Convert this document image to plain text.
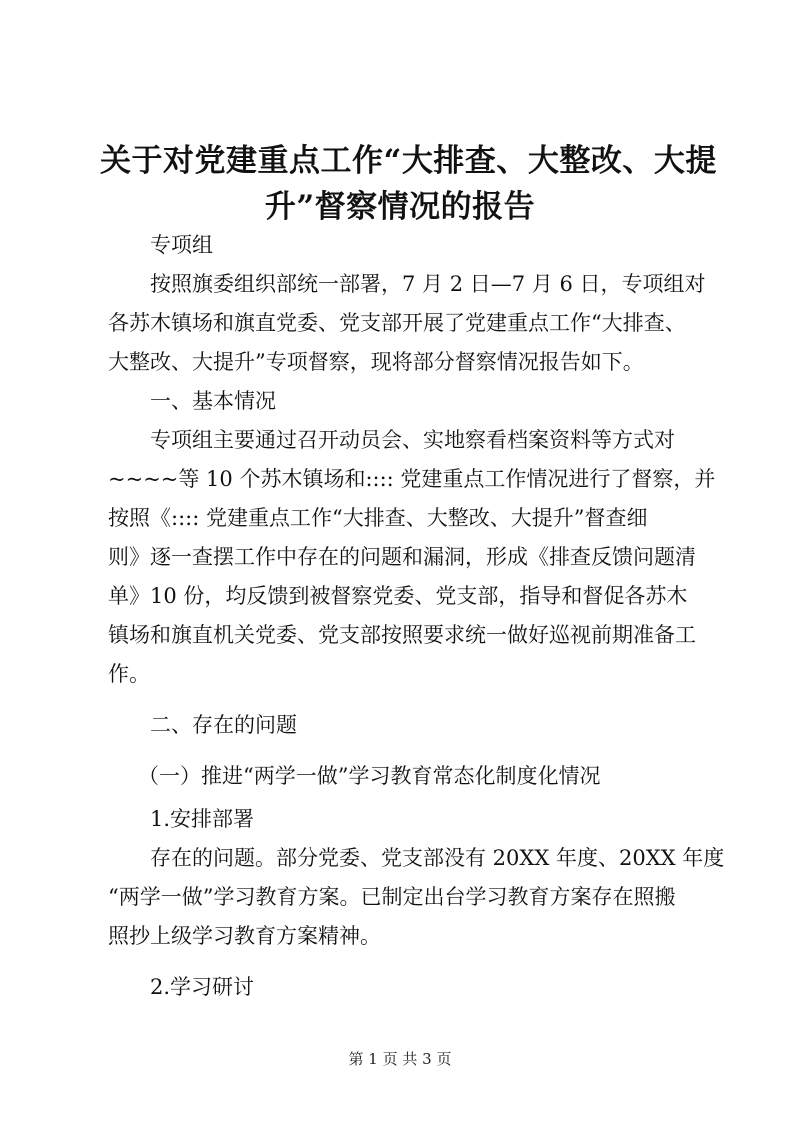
关于对党建重点工作“大排查、大整改、大提
升”督察情况的报告
专项组
按照旗委组织部统一部署，7 月 2 日—7 月 6 日，专项组对
各苏木镇场和旗直党委、党支部开展了党建重点工作“大排查、
大整改、大提升”专项督察，现将部分督察情况报告如下。
一、基本情况
专项组主要通过召开动员会、实地察看档案资料等方式对
~~~~等 10 个苏木镇场和:::: 党建重点工作情况进行了督察，并
按照《:::: 党建重点工作“大排查、大整改、大提升”督查细
则》逐一查摆工作中存在的问题和漏洞，形成《排查反馈问题清
单》10 份，均反馈到被督察党委、党支部，指导和督促各苏木
镇场和旗直机关党委、党支部按照要求统一做好巡视前期准备工
作。
二、存在的问题
（一）推进“两学一做”学习教育常态化制度化情况
1.安排部署
存在的问题。部分党委、党支部没有 20XX 年度、20XX 年度
“两学一做”学习教育方案。已制定出台学习教育方案存在照搬
照抄上级学习教育方案精神。
2.学习研讨
第 1 页 共 3 页
